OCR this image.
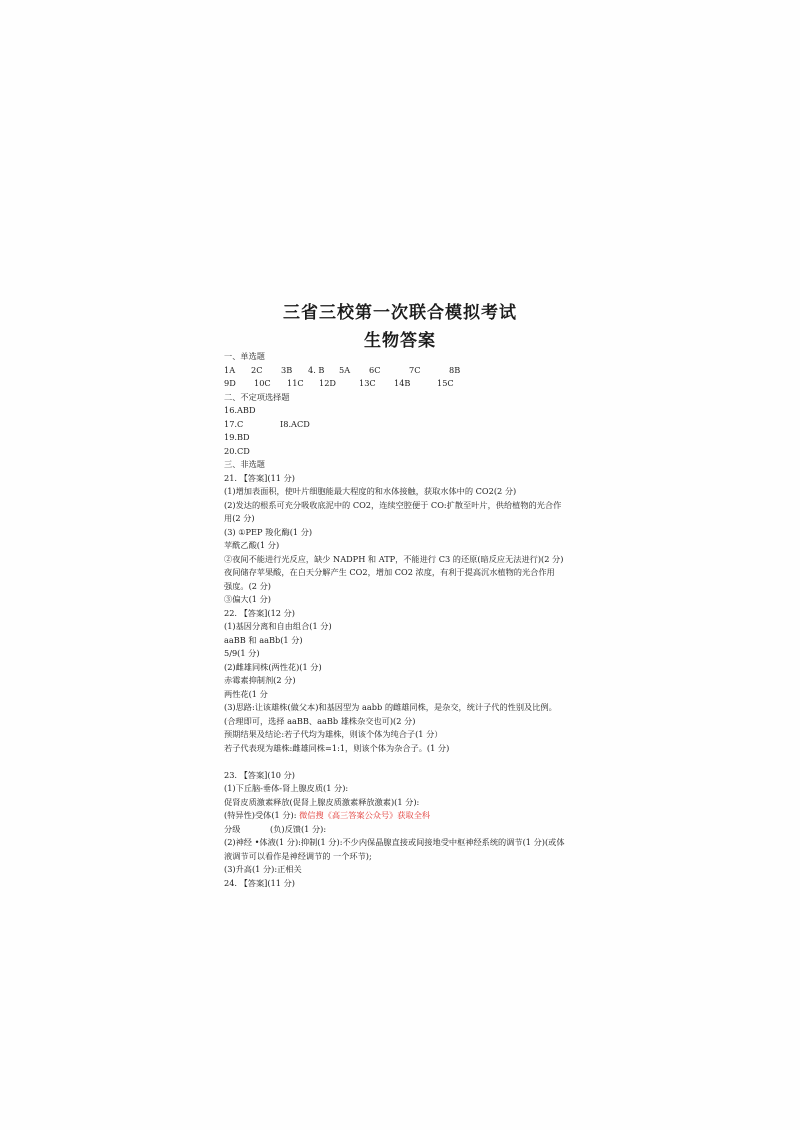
三省三校第一次联合模拟考试
生物答案
一、单选题
1A	2C	3B	4. B	5A	6C	7C	8B
9D	10C	11C	12D	13C	14B	15C
二、不定项选择题
16.ABD
17.C	I8.ACD
19.BD
20.CD
三、非选题
21. 【答案](11 分)
(1)增加表面积，使叶片细胞能最大程度的和水体接触，获取水体中的 CO2(2 分)
(2)发达的根系可充分吸收底泥中的 CO2，连续空腔便于 CO:扩散至叶片，供给植物的光合作
用(2 分)
(3) ①PEP 羧化酶(1 分)
苹酰乙酸(1 分)
②夜间不能进行光反应，缺少 NADPH 和 ATP，不能进行 C3 的还原(暗反应无法进行)(2 分)
夜间储存苹果酸，在白天分解产生 CO2，增加 CO2 浓度，有利于提高沉水植物的光合作用
强度。(2 分)
③偏大(1 分)
22. 【答案](12 分)
(1)基因分离和自由组合(1 分)
aaBB 和 aaBb(1 分)
5/9(1 分)
(2)雌雄同株(两性花)(1 分)
赤霉素抑制剂(2 分)
两性花(1 分
(3)思路:让该雄株(做父本)和基因型为 aabb 的雌雄同株，是杂交，统计子代的性别及比例。
(合理即可，选择 aaBB、aaBb 雄株杂交也可)(2 分)
预期结果及结论:若子代均为雄株，则该个体为纯合子(1 分）
若子代表现为雄株:雌雄同株=1:1，则该个体为杂合子。(1 分)
23. 【答案](10 分)
(1)下丘脑-垂体-肾上腺皮质(1 分):
促肾皮质激素释放(促肾上腺皮质激素释放激素)(1 分):
(特异性)受体(1 分): 微信搜《高三答案公众号》获取全科
分级	(负)反馈(1 分):
(2)神经 •体液(1 分):抑制(1 分):不少内保晶腺直接或间接地受中枢神经系统的调节(1 分)(或体
液调节可以看作是神经调节的 一个环节);
(3)升高(1 分):正相关
24. 【答案](11 分)
